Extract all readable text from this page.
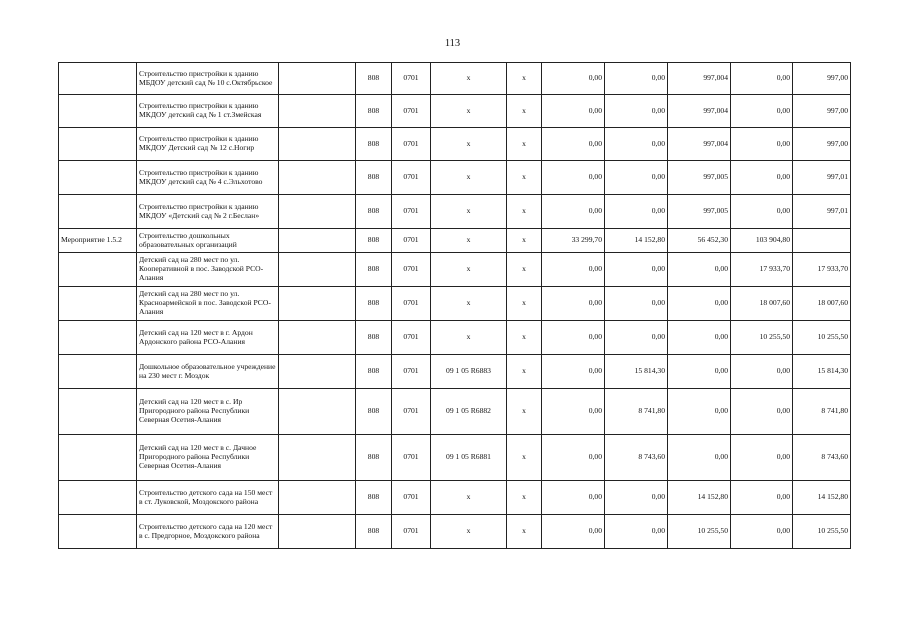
113
	Строительство пристройки к зданию МБДОУ детский сад № 10 с.Октябрьское		808	0701	х	х	0,00	0,00	997,004	0,00	997,00
	Строительство пристройки к зданию МКДОУ детский сад № 1 ст.Змейская		808	0701	х	х	0,00	0,00	997,004	0,00	997,00
	Строительство пристройки к зданию МКДОУ Детский сад № 12 с.Ногир		808	0701	х	х	0,00	0,00	997,004	0,00	997,00
	Строительство пристройки к зданию МКДОУ детский сад № 4 с.Эльхотово		808	0701	х	х	0,00	0,00	997,005	0,00	997,01
	Строительство пристройки к зданию МКДОУ «Детский сад № 2 г.Беслан»		808	0701	х	х	0,00	0,00	997,005	0,00	997,01
Мероприятие 1.5.2	Строительство дошкольных образовательных организаций		808	0701	х	х	33 299,70	14 152,80	56 452,30	103 904,80	
	Детский сад на 280 мест по ул. Кооперативной в пос. Заводской РСО-Алания		808	0701	х	х	0,00	0,00	0,00	17 933,70	17 933,70
	Детский сад на 280 мест по ул. Красноармейской в пос. Заводской РСО-Алания		808	0701	х	х	0,00	0,00	0,00	18 007,60	18 007,60
	Детский сад на 120 мест в г. Ардон Ардонского района РСО-Алания		808	0701	х	х	0,00	0,00	0,00	10 255,50	10 255,50
	Дошкольное образовательное учреждение на 230 мест г. Моздок		808	0701	09 1 05 R6883	х	0,00	15 814,30	0,00	0,00	15 814,30
	Детский сад на 120 мест в с. Ир Пригородного района Республики Северная Осетия-Алания		808	0701	09 1 05 R6882	х	0,00	8 741,80	0,00	0,00	8 741,80
	Детский сад на 120 мест в с. Дачное Пригородного района Республики Северная Осетия-Алания		808	0701	09 1 05 R6881	х	0,00	8 743,60	0,00	0,00	8 743,60
	Строительство детского сада на 150 мест в ст. Луковской, Моздокского района		808	0701	х	х	0,00	0,00	14 152,80	0,00	14 152,80
	Строительство детского сада на 120 мест в с. Предгорное, Моздокского района		808	0701	х	х	0,00	0,00	10 255,50	0,00	10 255,50
